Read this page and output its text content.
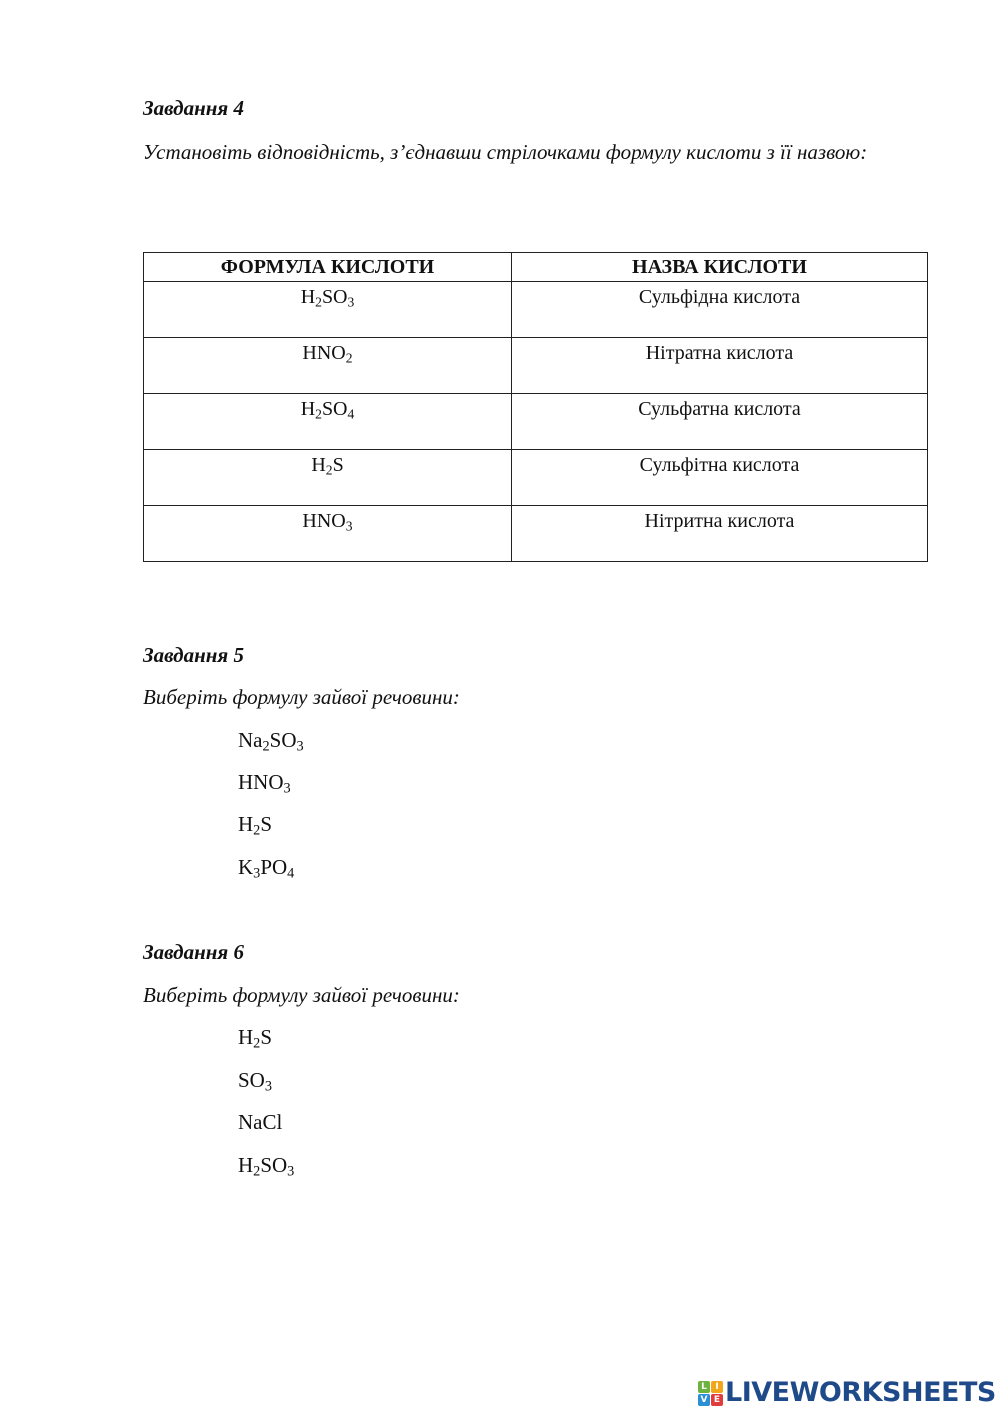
Завдання 4
Установіть відповідність, з’єднавши стрілочками формулу кислоти з її назвою:
ФОРМУЛА КИСЛОТИ	НАЗВА КИСЛОТИ
$H_2SO_3$	Сульфідна кислота
$HNO_2$	Нітратна кислота
$H_2SO_4$	Сульфатна кислота
$H_2S$	Сульфітна кислота
$HNO_3$	Нітритна кислота
Завдання 5
Виберіть формулу зайвої речовини:
$Na_2SO_3$
$HNO_3$
$H_2S$
$K_3PO_4$
Завдання 6
Виберіть формулу зайвої речовини:
$H_2S$
$SO_3$
NaCl
$H_2SO_3$
L I
V E LIVEWORKSHEETS
